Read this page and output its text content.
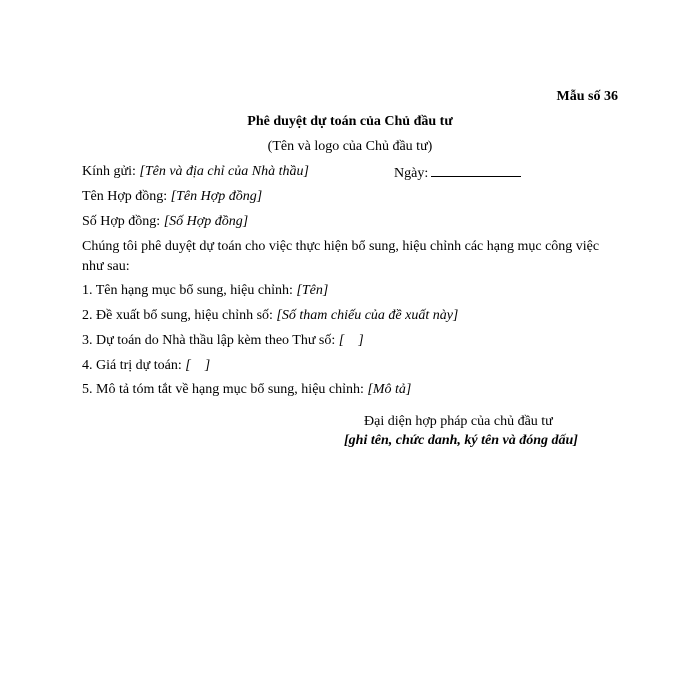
Mẫu số 36
Phê duyệt dự toán của Chủ đầu tư
(Tên và logo của Chủ đầu tư)
Kính gửi: [Tên và địa chỉ của Nhà thầu]	Ngày:
Tên Hợp đồng: [Tên Hợp đồng]
Số Hợp đồng: [Số Hợp đồng]
Chúng tôi phê duyệt dự toán cho việc thực hiện bổ sung, hiệu chỉnh các hạng mục công việc như sau:
1. Tên hạng mục bổ sung, hiệu chỉnh: [Tên]
2. Đề xuất bổ sung, hiệu chỉnh số: [Số tham chiếu của đề xuất này]
3. Dự toán do Nhà thầu lập kèm theo Thư số: [    ]
4. Giá trị dự toán: [    ]
5. Mô tả tóm tắt về hạng mục bổ sung, hiệu chỉnh: [Mô tả]
Đại diện hợp pháp của chủ đầu tư
[ghi tên, chức danh, ký tên và đóng dấu]
